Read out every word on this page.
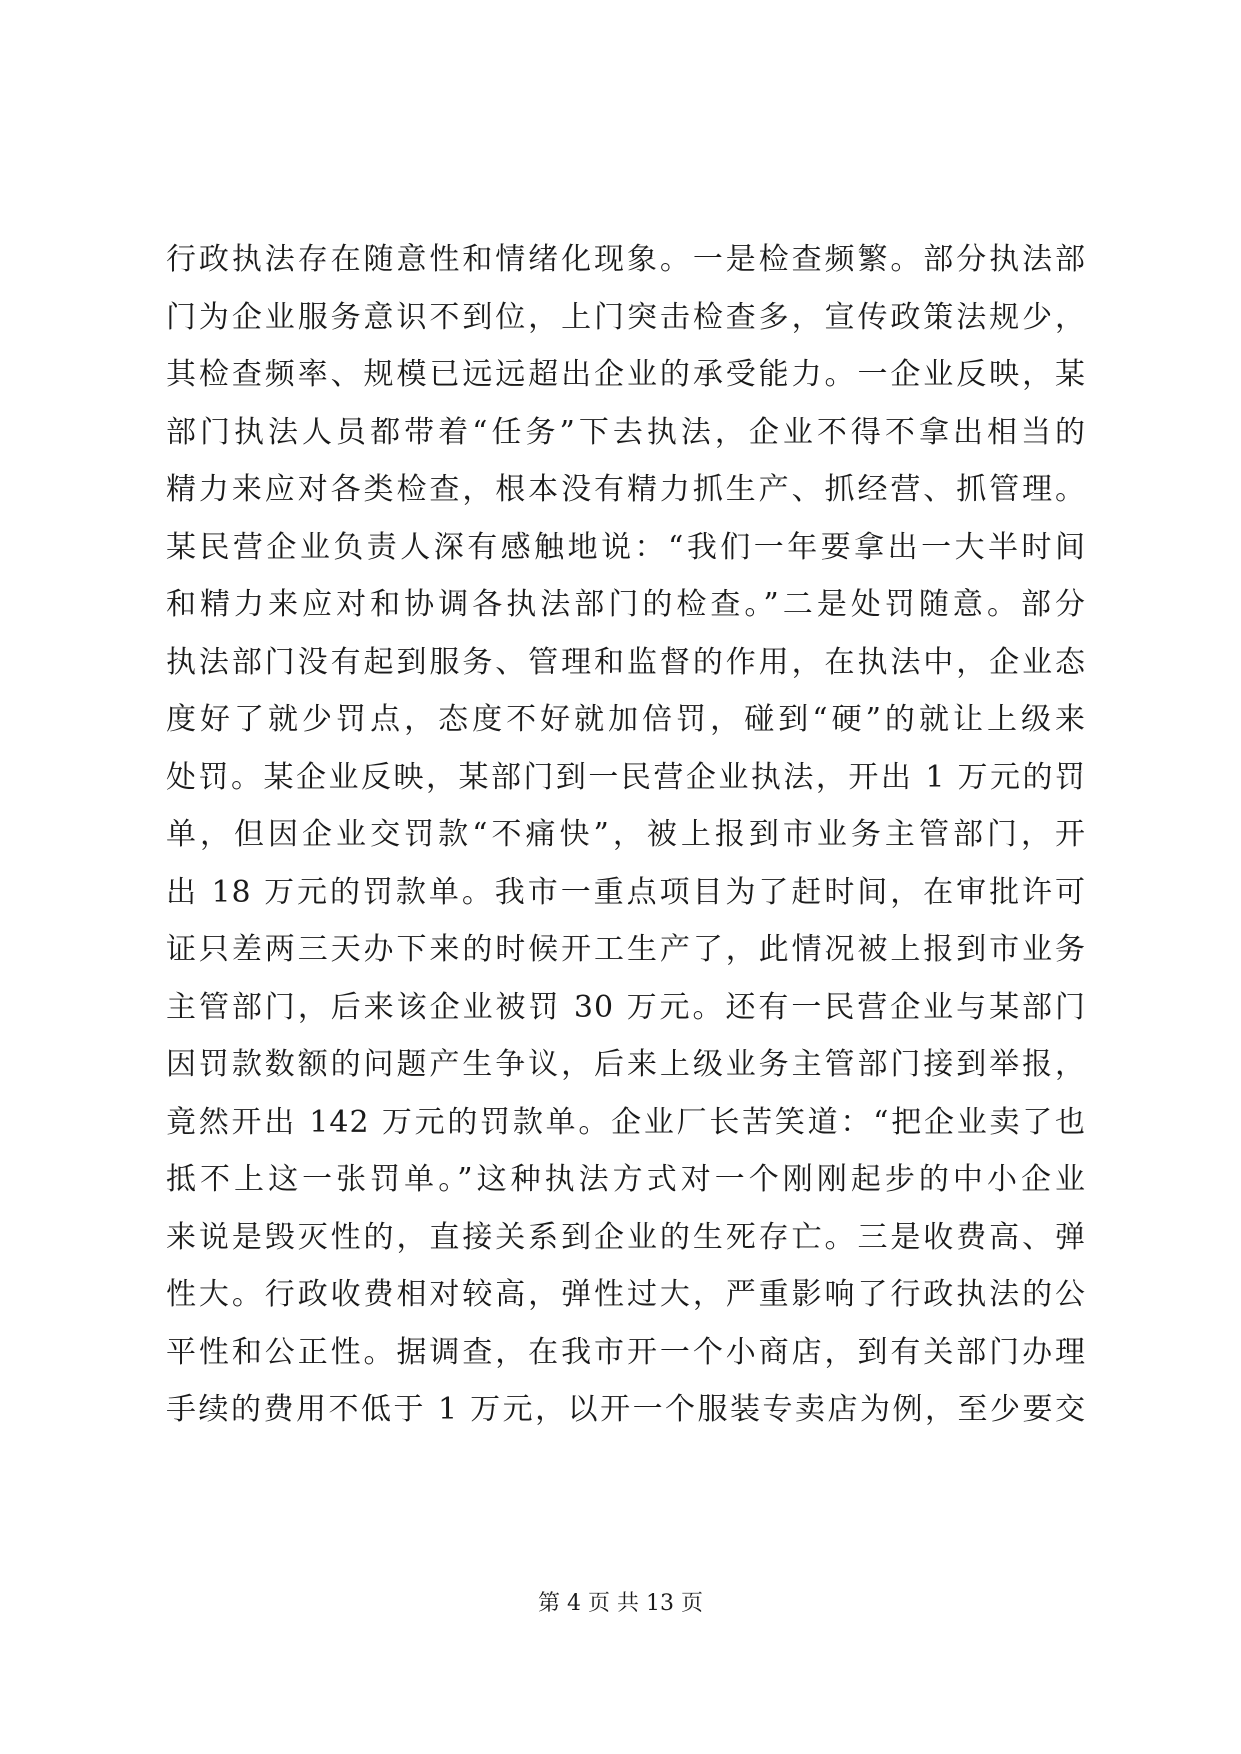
行政执法存在随意性和情绪化现象。一是检查频繁。部分执法部
门为企业服务意识不到位，上门突击检查多，宣传政策法规少，
其检查频率、规模已远远超出企业的承受能力。一企业反映，某
部门执法人员都带着“任务”下去执法，企业不得不拿出相当的
精力来应对各类检查，根本没有精力抓生产、抓经营、抓管理。
某民营企业负责人深有感触地说：“我们一年要拿出一大半时间
和精力来应对和协调各执法部门的检查。”二是处罚随意。部分
执法部门没有起到服务、管理和监督的作用，在执法中，企业态
度好了就少罚点，态度不好就加倍罚，碰到“硬”的就让上级来
处罚。某企业反映，某部门到一民营企业执法，开出 1 万元的罚
单，但因企业交罚款“不痛快”，被上报到市业务主管部门，开
出 18 万元的罚款单。我市一重点项目为了赶时间，在审批许可
证只差两三天办下来的时候开工生产了，此情况被上报到市业务
主管部门，后来该企业被罚 30 万元。还有一民营企业与某部门
因罚款数额的问题产生争议，后来上级业务主管部门接到举报，
竟然开出 142 万元的罚款单。企业厂长苦笑道：“把企业卖了也
抵不上这一张罚单。”这种执法方式对一个刚刚起步的中小企业
来说是毁灭性的，直接关系到企业的生死存亡。三是收费高、弹
性大。行政收费相对较高，弹性过大，严重影响了行政执法的公
平性和公正性。据调查，在我市开一个小商店，到有关部门办理
手续的费用不低于 1 万元，以开一个服装专卖店为例，至少要交
第 4 页 共 13 页
